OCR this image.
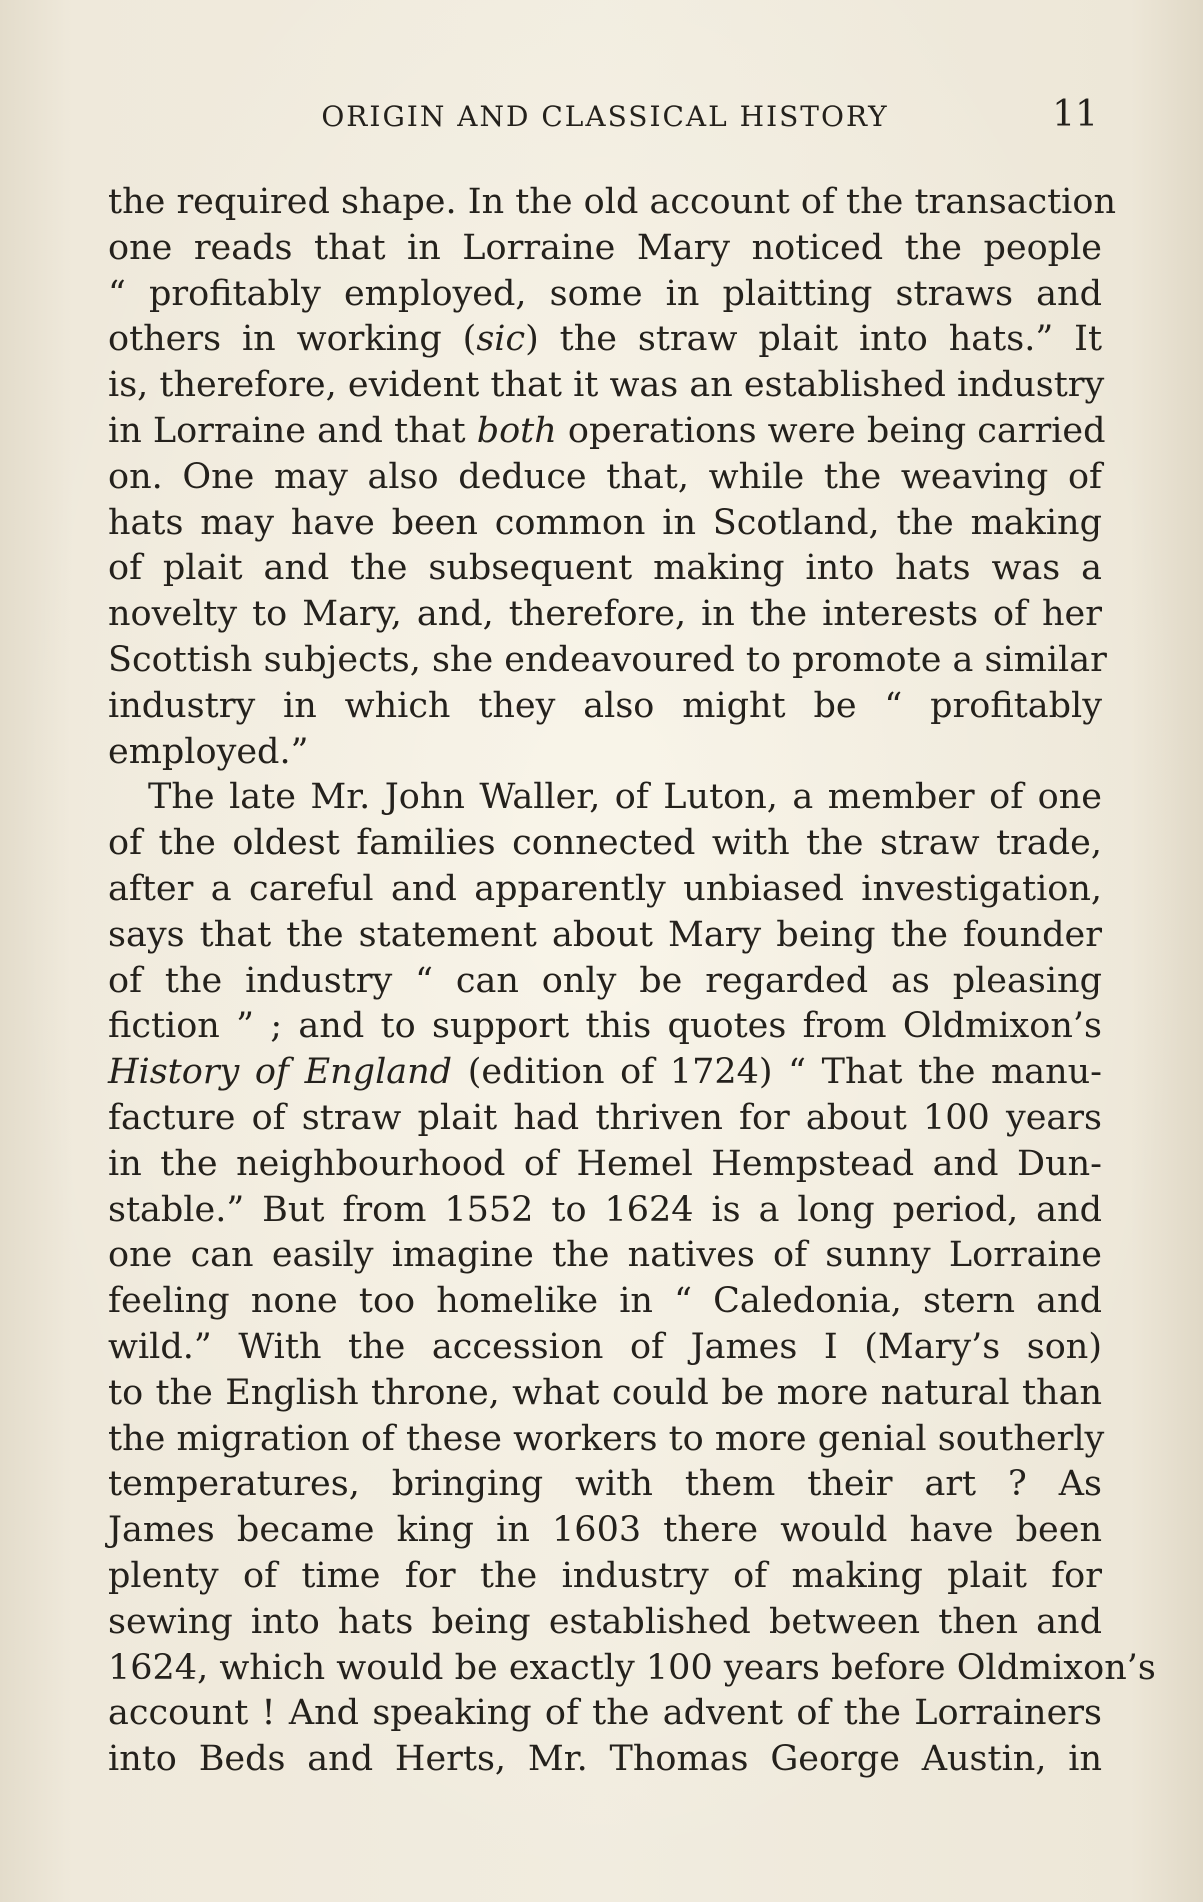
ORIGIN AND CLASSICAL HISTORY	11
the required shape. In the old account of the transaction
one reads that in Lorraine Mary noticed the people
“ profitably employed, some in plaitting straws and
others in working (sic) the straw plait into hats.” It
is, therefore, evident that it was an established industry
in Lorraine and that both operations were being carried
on. One may also deduce that, while the weaving of
hats may have been common in Scotland, the making
of plait and the subsequent making into hats was a
novelty to Mary, and, therefore, in the interests of her
Scottish subjects, she endeavoured to promote a similar
industry in which they also might be “ profitably
employed.”
The late Mr. John Waller, of Luton, a member of one
of the oldest families connected with the straw trade,
after a careful and apparently unbiased investigation,
says that the statement about Mary being the founder
of the industry “ can only be regarded as pleasing
fiction ” ; and to support this quotes from Oldmixon’s
History of England (edition of 1724) “ That the manu-
facture of straw plait had thriven for about 100 years
in the neighbourhood of Hemel Hempstead and Dun-
stable.” But from 1552 to 1624 is a long period, and
one can easily imagine the natives of sunny Lorraine
feeling none too homelike in “ Caledonia, stern and
wild.” With the accession of James I (Mary’s son)
to the English throne, what could be more natural than
the migration of these workers to more genial southerly
temperatures, bringing with them their art ? As
James became king in 1603 there would have been
plenty of time for the industry of making plait for
sewing into hats being established between then and
1624, which would be exactly 100 years before Oldmixon’s
account ! And speaking of the advent of the Lorrainers
into Beds and Herts, Mr. Thomas George Austin, in
